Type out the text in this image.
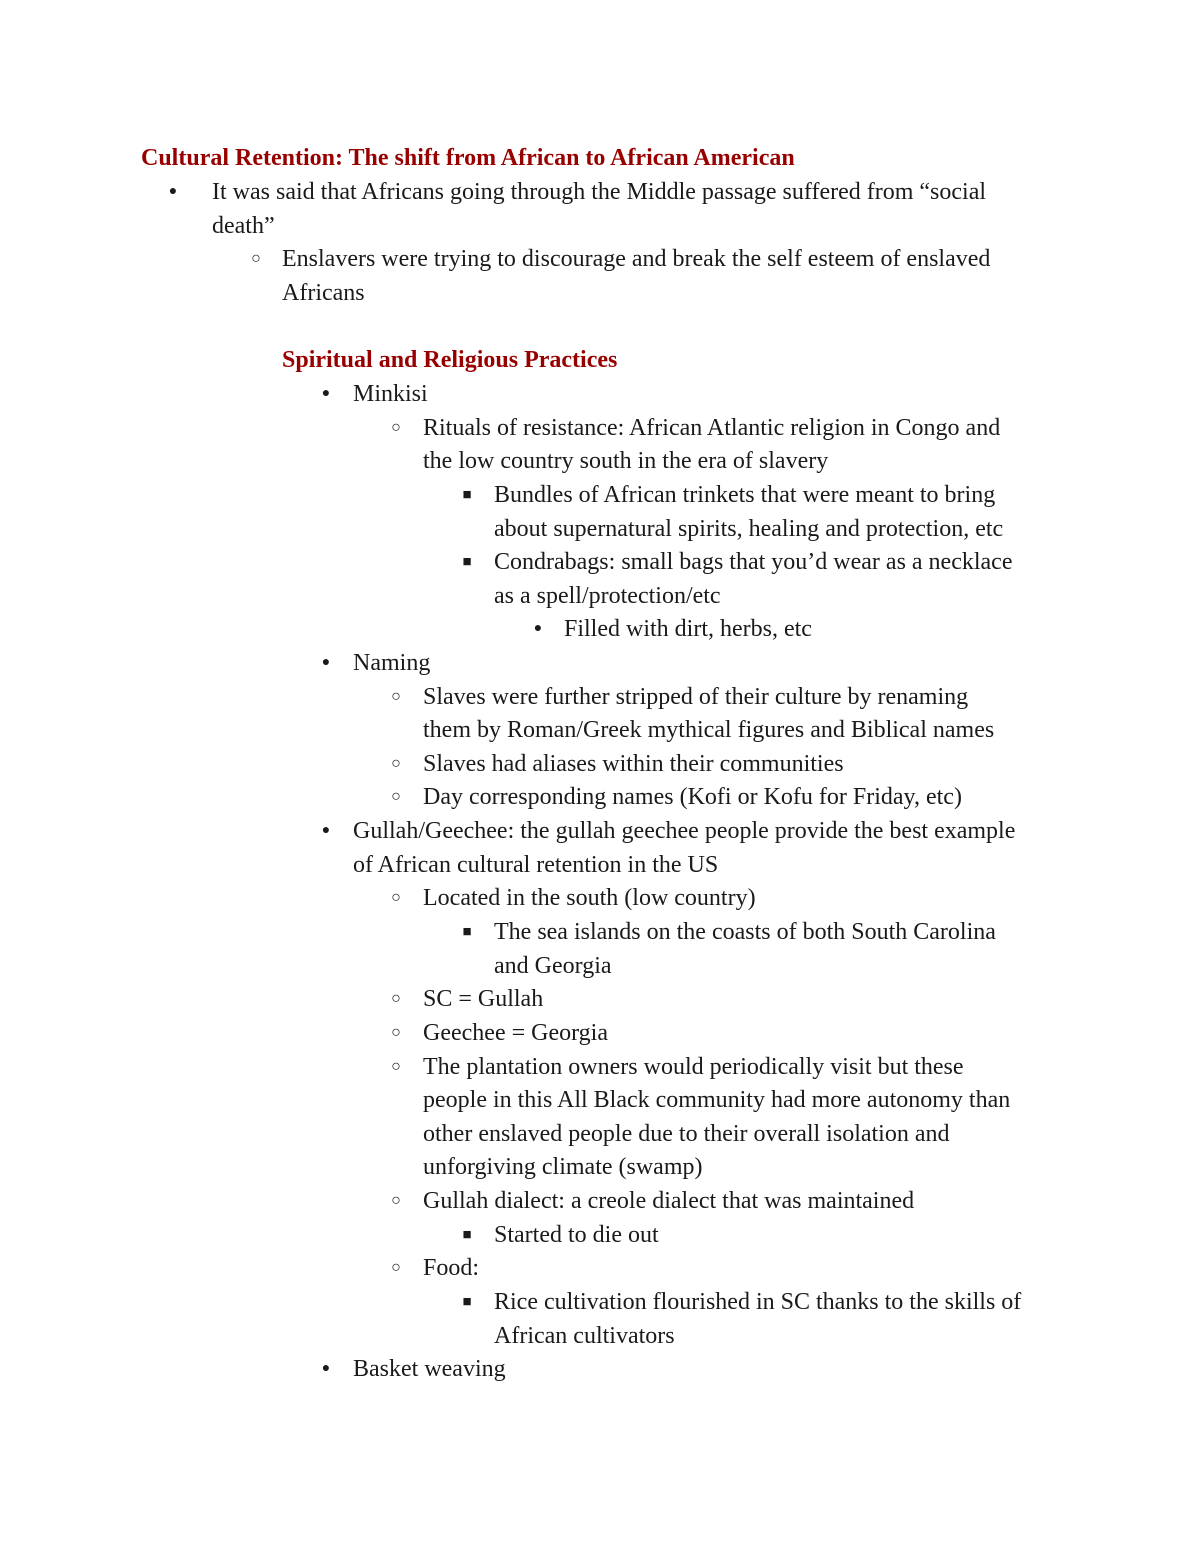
Cultural Retention: The shift from African to African American
● It was said that Africans going through the Middle passage suffered from “social
death”
○ Enslavers were trying to discourage and break the self esteem of enslaved
Africans
Spiritual and Religious Practices
● Minkisi
○ Rituals of resistance: African Atlantic religion in Congo and
the low country south in the era of slavery
■ Bundles of African trinkets that were meant to bring
about supernatural spirits, healing and protection, etc
■ Condrabags: small bags that you’d wear as a necklace
as a spell/protection/etc
● Filled with dirt, herbs, etc
● Naming
○ Slaves were further stripped of their culture by renaming
them by Roman/Greek mythical figures and Biblical names
○ Slaves had aliases within their communities
○ Day corresponding names (Kofi or Kofu for Friday, etc)
● Gullah/Geechee: the gullah geechee people provide the best example
of African cultural retention in the US
○ Located in the south (low country)
■ The sea islands on the coasts of both South Carolina
and Georgia
○ SC = Gullah
○ Geechee = Georgia
○ The plantation owners would periodically visit but these
people in this All Black community had more autonomy than
other enslaved people due to their overall isolation and
unforgiving climate (swamp)
○ Gullah dialect: a creole dialect that was maintained
■ Started to die out
○ Food:
■ Rice cultivation flourished in SC thanks to the skills of
African cultivators
● Basket weaving
